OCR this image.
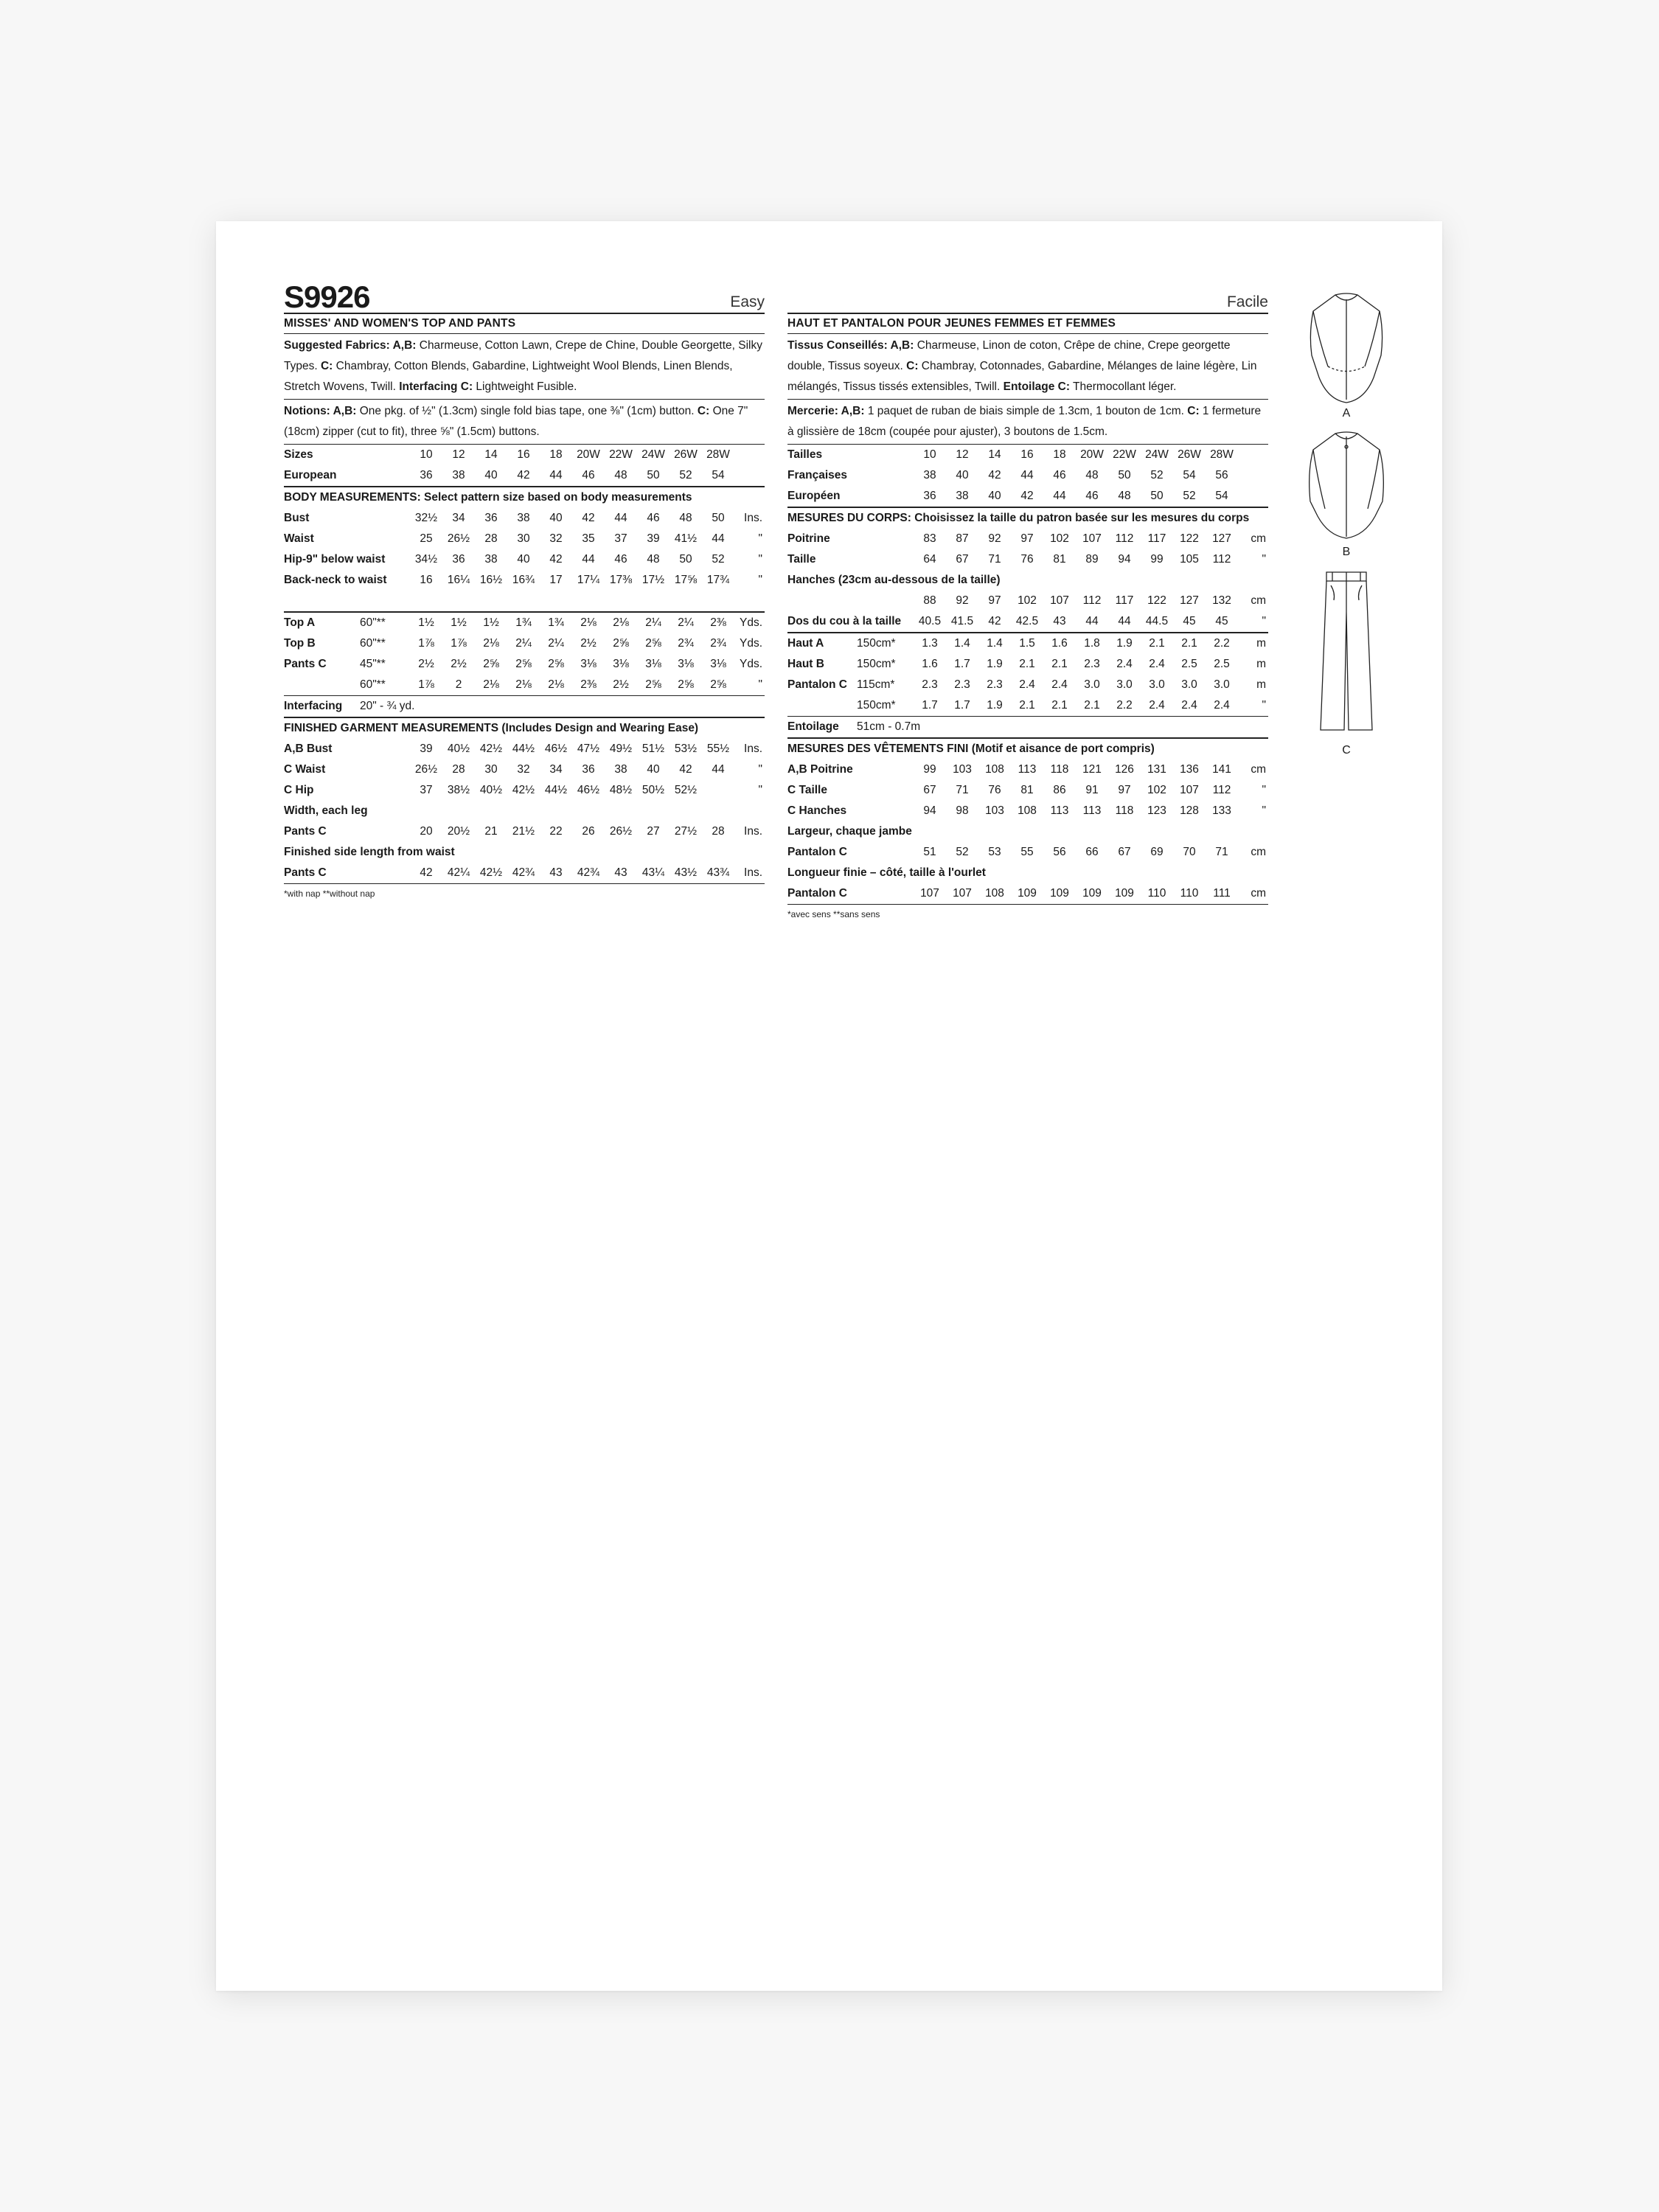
S9926	Easy
MISSES' AND WOMEN'S TOP AND PANTS
Suggested Fabrics: A,B: Charmeuse, Cotton Lawn, Crepe de Chine, Double Georgette, Silky Types. C: Chambray, Cotton Blends, Gabardine, Lightweight Wool Blends, Linen Blends, Stretch Wovens, Twill. Interfacing C: Lightweight Fusible.
Notions: A,B: One pkg. of ½" (1.3cm) single fold bias tape, one ⅜" (1cm) button. C: One 7" (18cm) zipper (cut to fit), three ⅝" (1.5cm) buttons.
Sizes	10	12	14	16	18	20W 22W 24W 26W 28W
European	36	38	40	42	44	46	48	50	52	54
BODY MEASUREMENTS: Select pattern size based on body measurements
Bust	32½	34	36	38	40	42	44	46	48	50	Ins.
Waist	25	26½	28	30	32	35	37	39	41½	44	"
Hip-9" below waist	34½	36	38	40	42	44	46	48	50	52	"
Back-neck to waist	16	16¼ 16½ 16¾	17	17¼ 17⅜ 17½ 17⅝ 17¾	"
Top A	60"**	1½	1½	1½	1¾	1¾	2⅛	2⅛	2¼	2¼	2⅜	Yds.
Top B	60"**	1⅞	1⅞	2⅛	2¼	2¼	2½	2⅝	2⅝	2¾	2¾	Yds.
Pants C	45"**	2½	2½	2⅝	2⅝	2⅝	3⅛	3⅛	3⅛	3⅛	3⅛	Yds.
60"**	1⅞	2	2⅛	2⅛	2⅛	2⅜	2½	2⅝	2⅝	2⅝	"
Interfacing	20" - ¾ yd.
FINISHED GARMENT MEASUREMENTS (Includes Design and Wearing Ease)
A,B Bust	39	40½ 42½ 44½ 46½ 47½ 49½ 51½ 53½ 55½	Ins.
C Waist	26½	28	30	32	34	36	38	40	42	44	"
C Hip	37	38½ 40½ 42½ 44½ 46½ 48½ 50½ 52½	"
Width, each leg
Pants C	20	20½	21	21½	22	26	26½	27	27½	28	Ins.
Finished side length from waist
Pants C	42	42¼ 42½ 42¾	43	42¾	43	43¼ 43½ 43¾	Ins.
*with nap **without nap
Facile
HAUT ET PANTALON POUR JEUNES FEMMES ET FEMMES
Tissus Conseillés: A,B: Charmeuse, Linon de coton, Crêpe de chine, Crepe georgette double, Tissus soyeux. C: Chambray, Cotonnades, Gabardine, Mélanges de laine légère, Lin mélangés, Tissus tissés extensibles, Twill. Entoilage C: Thermocollant léger.
Mercerie: A,B: 1 paquet de ruban de biais simple de 1.3cm, 1 bouton de 1cm. C: 1 fermeture à glissière de 18cm (coupée pour ajuster), 3 boutons de 1.5cm.
Tailles	10	12	14	16	18	20W 22W 24W 26W 28W
Françaises	38	40	42	44	46	48	50	52	54	56
Européen	36	38	40	42	44	46	48	50	52	54
MESURES DU CORPS: Choisissez la taille du patron basée sur les mesures du corps
Poitrine	83	87	92	97	102	107	112	117	122	127	cm
Taille	64	67	71	76	81	89	94	99	105	112	"
Hanches (23cm au-dessous de la taille)
88	92	97	102	107	112	117	122	127	132	cm
Dos du cou à la taille	40.5 41.5	42	42.5	43	44	44	44.5	45	45	"
Haut A	150cm*	1.3	1.4	1.4	1.5	1.6	1.8	1.9	2.1	2.1	2.2	m
Haut B	150cm*	1.6	1.7	1.9	2.1	2.1	2.3	2.4	2.4	2.5	2.5	m
Pantalon C 115cm*	2.3	2.3	2.3	2.4	2.4	3.0	3.0	3.0	3.0	3.0	m
150cm*	1.7	1.7	1.9	2.1	2.1	2.1	2.2	2.4	2.4	2.4	"
Entoilage	51cm - 0.7m
MESURES DES VÊTEMENTS FINI (Motif et aisance de port compris)
A,B Poitrine	99	103	108	113	118	121	126	131	136	141	cm
C Taille	67	71	76	81	86	91	97	102	107	112	"
C Hanches	94	98	103	108	113	113	118	123	128	133	"
Largeur, chaque jambe
Pantalon C	51	52	53	55	56	66	67	69	70	71	cm
Longueur finie – côté, taille à l'ourlet
Pantalon C	107	107	108	109	109	109	109	110	110	111	cm
*avec sens **sans sens
A
B
C
